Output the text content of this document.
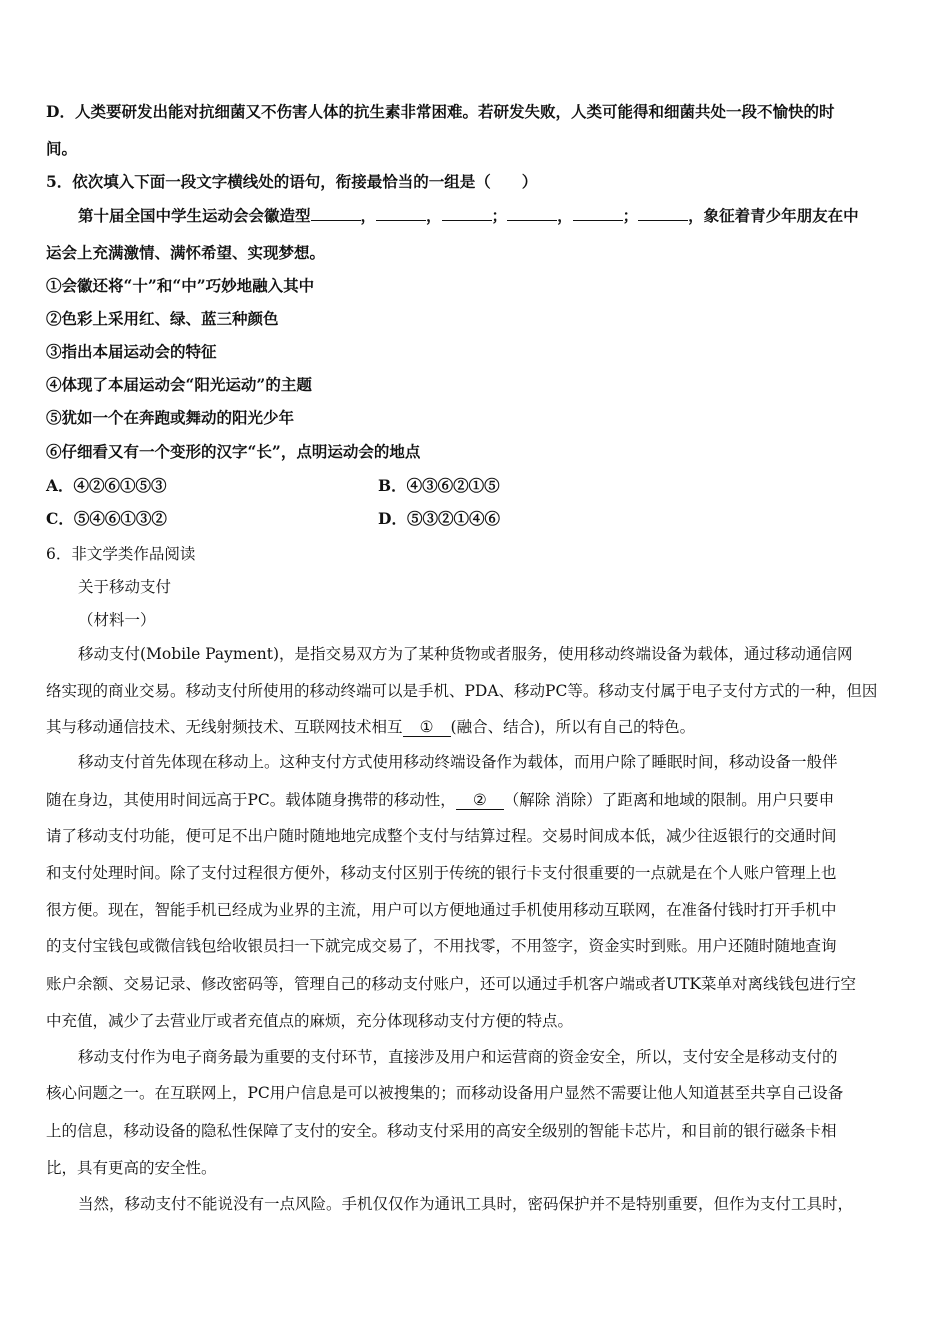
D．人类要研发出能对抗细菌又不伤害人体的抗生素非常困难。若研发失败，人类可能得和细菌共处一段不愉快的时
间。
5．依次填入下面一段文字横线处的语句，衔接最恰当的一组是（　　）
第十届全国中学生运动会会徽造型	，	，	；	，	；	，象征着青少年朋友在中
运会上充满激情、满怀希望、实现梦想。
①会徽还将“十”和“中”巧妙地融入其中
②色彩上采用红、绿、蓝三种颜色
③指出本届运动会的特征
④体现了本届运动会“阳光运动”的主题
⑤犹如一个在奔跑或舞动的阳光少年
⑥仔细看又有一个变形的汉字“长”，点明运动会的地点
A．④②⑥①⑤③	B．④③⑥②①⑤
C．⑤④⑥①③②	D．⑤③②①④⑥
6．非文学类作品阅读
关于移动支付
（材料一）
移动支付(Mobile Payment)，是指交易双方为了某种货物或者服务，使用移动终端设备为载体，通过移动通信网
络实现的商业交易。移动支付所使用的移动终端可以是手机、PDA、移动PC等。移动支付属于电子支付方式的一种，但因
其与移动通信技术、无线射频技术、互联网技术相互 ① (融合、结合)，所以有自己的特色。
移动支付首先体现在移动上。这种支付方式使用移动终端设备作为载体，而用户除了睡眠时间，移动设备一般伴
随在身边，其使用时间远高于PC。载体随身携带的移动性， ② （解除 消除）了距离和地域的限制。用户只要申
请了移动支付功能，便可足不出户随时随地地完成整个支付与结算过程。交易时间成本低，减少往返银行的交通时间
和支付处理时间。除了支付过程很方便外，移动支付区别于传统的银行卡支付很重要的一点就是在个人账户管理上也
很方便。现在，智能手机已经成为业界的主流，用户可以方便地通过手机使用移动互联网，在准备付钱时打开手机中
的支付宝钱包或微信钱包给收银员扫一下就完成交易了，不用找零，不用签字，资金实时到账。用户还随时随地查询
账户余额、交易记录、修改密码等，管理自己的移动支付账户，还可以通过手机客户端或者UTK菜单对离线钱包进行空
中充值，减少了去营业厅或者充值点的麻烦，充分体现移动支付方便的特点。
移动支付作为电子商务最为重要的支付环节，直接涉及用户和运营商的资金安全，所以，支付安全是移动支付的
核心问题之一。在互联网上，PC用户信息是可以被搜集的；而移动设备用户显然不需要让他人知道甚至共享自己设备
上的信息，移动设备的隐私性保障了支付的安全。移动支付采用的高安全级别的智能卡芯片，和目前的银行磁条卡相
比，具有更高的安全性。
当然，移动支付不能说没有一点风险。手机仅仅作为通讯工具时，密码保护并不是特别重要，但作为支付工具时，
